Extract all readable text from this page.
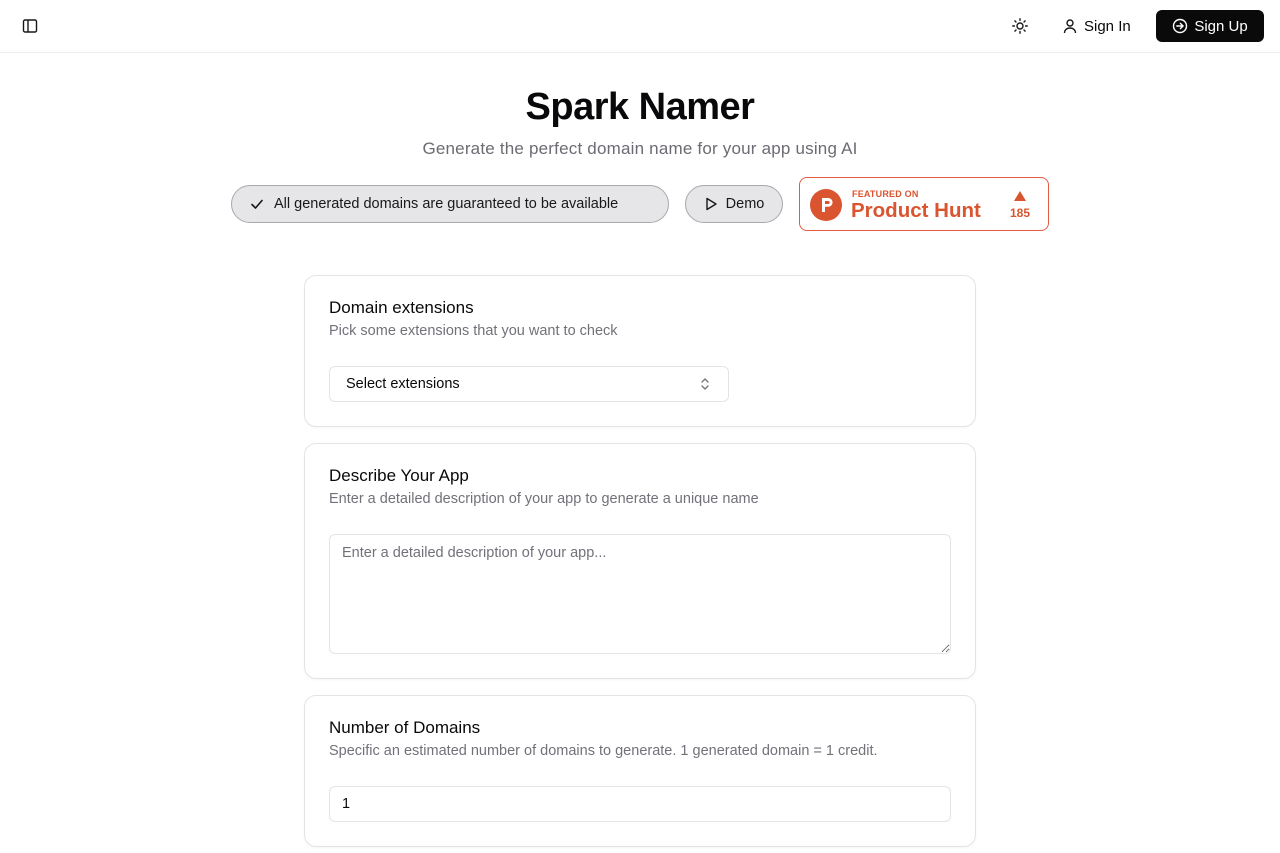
Sign In	Sign Up
Spark Namer

Generate the perfect domain name for your app using AI

All generated domains are guaranteed to be available	Demo
FEATURED ON
Product Hunt	185
Domain extensions

Pick some extensions that you want to check

Select extensions
Describe Your App

Enter a detailed description of your app to generate a unique name

Enter a detailed description of your app...
Number of Domains

Specific an estimated number of domains to generate. 1 generated domain = 1 credit.

1
